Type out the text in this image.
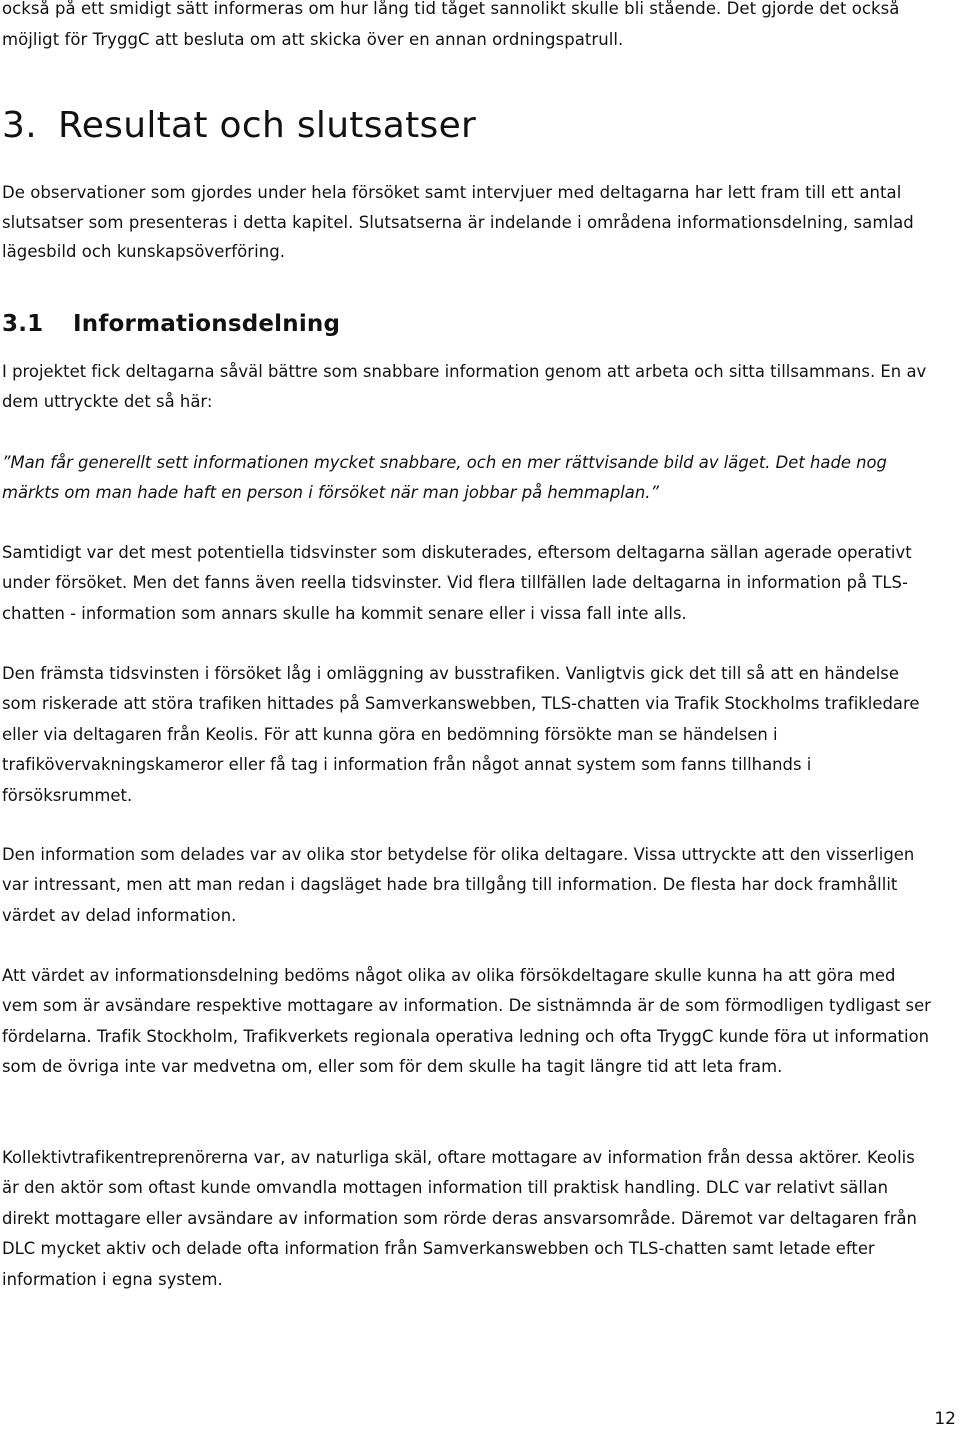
också på ett smidigt sätt informeras om hur lång tid tåget sannolikt skulle bli stående. Det gjorde det också möjligt för TryggC att besluta om att skicka över en annan ordningspatrull.

3. Resultat och slutsatser

De observationer som gjordes under hela försöket samt intervjuer med deltagarna har lett fram till ett antal slutsatser som presenteras i detta kapitel. Slutsatserna är indelande i områdena informationsdelning, samlad lägesbild och kunskapsöverföring.

3.1 Informationsdelning

I projektet fick deltagarna såväl bättre som snabbare information genom att arbeta och sitta tillsammans. En av dem uttryckte det så här:

”Man får generellt sett informationen mycket snabbare, och en mer rättvisande bild av läget. Det hade nog märkts om man hade haft en person i försöket när man jobbar på hemmaplan.”

Samtidigt var det mest potentiella tidsvinster som diskuterades, eftersom deltagarna sällan agerade operativt under försöket. Men det fanns även reella tidsvinster. Vid flera tillfällen lade deltagarna in information på TLS-chatten - information som annars skulle ha kommit senare eller i vissa fall inte alls.

Den främsta tidsvinsten i försöket låg i omläggning av busstrafiken. Vanligtvis gick det till så att en händelse som riskerade att störa trafiken hittades på Samverkanswebben, TLS-chatten via Trafik Stockholms trafikledare eller via deltagaren från Keolis. För att kunna göra en bedömning försökte man se händelsen i trafikövervakningskameror eller få tag i information från något annat system som fanns tillhands i försöksrummet.

Den information som delades var av olika stor betydelse för olika deltagare. Vissa uttryckte att den visserligen var intressant, men att man redan i dagsläget hade bra tillgång till information. De flesta har dock framhållit värdet av delad information.

Att värdet av informationsdelning bedöms något olika av olika försökdeltagare skulle kunna ha att göra med vem som är avsändare respektive mottagare av information. De sistnämnda är de som förmodligen tydligast ser fördelarna. Trafik Stockholm, Trafikverkets regionala operativa ledning och ofta TryggC kunde föra ut information som de övriga inte var medvetna om, eller som för dem skulle ha tagit längre tid att leta fram.

Kollektivtrafikentreprenörerna var, av naturliga skäl, oftare mottagare av information från dessa aktörer. Keolis är den aktör som oftast kunde omvandla mottagen information till praktisk handling. DLC var relativt sällan direkt mottagare eller avsändare av information som rörde deras ansvarsområde. Däremot var deltagaren från DLC mycket aktiv och delade ofta information från Samverkanswebben och TLS-chatten samt letade efter information i egna system.

12
